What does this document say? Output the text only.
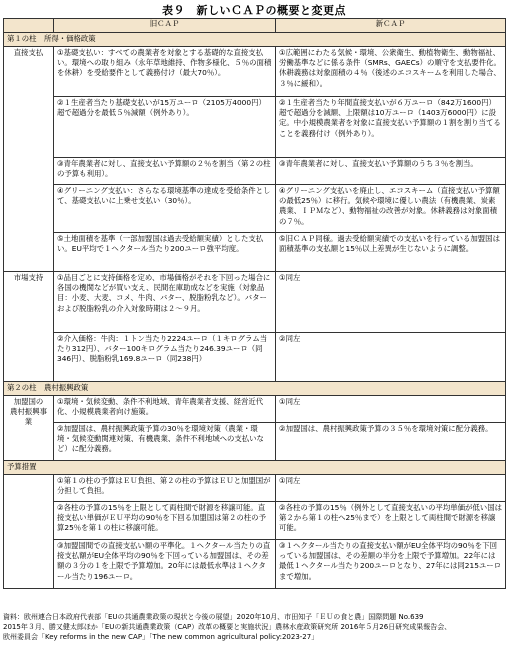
表９　新しいＣＡＰの概要と変更点
	旧ＣＡＰ	新ＣＡＰ
第１の柱　所得・価格政策		
直接支払	①基礎支払い：すべての農業者を対象とする基礎的な直接支払い。環境への取り組み（永年草地維持、作物多様化、５％の面積を休耕）を受給要件として義務付け（最大70％）。	①広範囲にわたる気候・環境、公衆衛生、動植物衛生、動物福祉、労働基準などに係る条件（SMRs、GAECs）の順守を支払要件化。休耕義務は対象面積の４％（後述のエコスキームを利用した場合、３％に緩和）。
	②１生産者当たり基礎支払いが15万ユーロ（2105万4000円）超で超過分を最低５％減額（例外あり）。	②１生産者当たり年間直接支払いが６万ユーロ（842万1600円）超で超過分を減額、上限額は10万ユーロ（1403万6000円）に設定。中小規模農業者を対象に直接支払い予算額の１割を割り当てることを義務付け（例外あり）。
	③青年農業者に対し、直接支払い予算額の２％を割当（第２の柱の予算も利用）。	③青年農業者に対し、直接支払い予算額のうち３％を割当。
	④グリーニング支払い：さらなる環境基準の達成を受給条件として、基礎支払いに上乗せ支払い（30％）。	④グリーニング支払いを廃止し、エコスキーム（直接支払い予算額の最低25％）に移行。気候や環境に優しい農法（有機農業、炭素農業、ＩＰＭなど）、動物福祉の改善が対象。休耕義務は対象面積の７％。
	⑤土地面積を基準（一部加盟国は過去受給額実績）とした支払い。EU平均で１ヘクタール当たり200ユーロ強平均度。	⑤旧ＣＡＰ同様。過去受給額実績での支払いを行っている加盟国は面積基準の支払額と15％以上差異が生じないように調整。
市場支持	①品目ごとに支持価格を定め、市場価格がそれを下回った場合に各国の機関などが買い支え、民間在庫助成などを実施（対象品目：小麦、大麦、コメ、牛肉、バター、脱脂粉乳など）。バターおよび脱脂粉乳の介入対象時期は２～９月。	①同左
	②介入価格：牛肉：１トン当たり2224ユーロ（１キログラム当たり312円）、バター100キログラム当たり246.39ユーロ（同346円）、脱脂粉乳169.8ユーロ（同238円）	②同左
第２の柱　農村振興政策		
加盟国の
農村振興事業	①環境・気候変動、条件不利地域、青年農業者支援、経営近代化、小規模農業者向け施策。	①同左
	②加盟国は、農村振興政策予算の30％を環境対策（農業・環境・気候変動関連対策、有機農業、条件不利地域への支払いなど）に配分義務。	②加盟国は、農村振興政策予算の３５％を環境対策に配分義務。
予算措置		
	①第１の柱の予算はＥＵ負担、第２の柱の予算はＥＵと加盟国が分担して負担。	①同左
	②各柱の予算の15％を上限として両柱間で財源を移譲可能。直接支払い単価がＥＵ平均の90％を下回る加盟国は第２の柱の予算25％を第１の柱に移譲可能。	②各柱の予算の15％（例外として直接支払いの平均単価が低い国は第２から第１の柱へ25％まで）を上限として両柱間で財源を移譲可能。
	③加盟国間での直接支払い額の平準化。１ヘクタール当たりの直接支払額がEU全体平均の90％を下回っている加盟国は、その差額の３分の１を上限で予算増加。20年には最低水準は１ヘクタール当たり196ユーロ。	③１ヘクタール当たりの直接支払い額がEU全体平均の90％を下回っている加盟国は、その差額の半分を上限で予算増加。22年には最低１ヘクタール当たり200ユーロとなり、27年には同215ユーロまで増加。
資料：欧州連合日本政府代表部「EUの共通農業政策の現状と今後の展望」2020年10月、市田知子「ＥＵの食と農」国際問題 No.639
2015年３月、勝又健太郎ほか「EUの新共通農業政策（CAP）改革の概要と実施状況」農林水産政策研究所 2016年５月26日研究成果報告会、
欧州委員会「Key reforms in the new CAP」「The new common agricultural policy:2023-27」
